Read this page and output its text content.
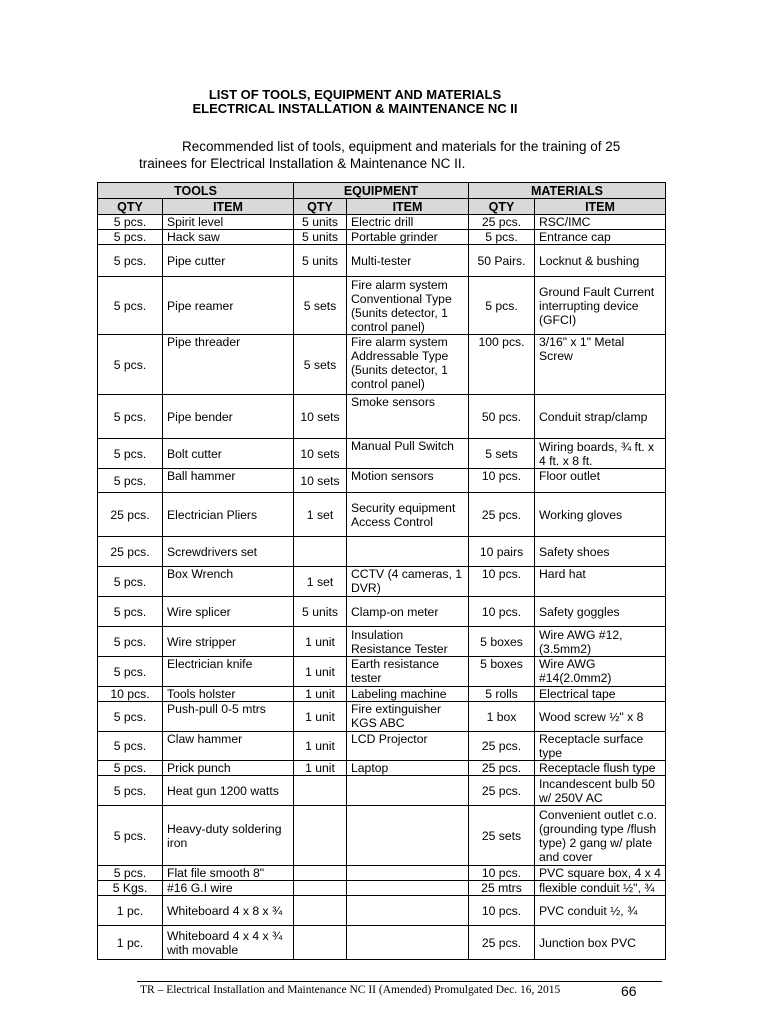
LIST OF TOOLS, EQUIPMENT AND MATERIALS
ELECTRICAL INSTALLATION & MAINTENANCE NC II
Recommended list of tools, equipment and materials for the training of 25
trainees for Electrical Installation & Maintenance NC II.
TOOLS		EQUIPMENT		MATERIALS	
QTY	ITEM	QTY	ITEM	QTY	ITEM
5 pcs.	Spirit level	5 units	Electric drill	25 pcs.	RSC/IMC
5 pcs.	Hack saw	5 units	Portable grinder	5 pcs.	Entrance cap
5 pcs.	Pipe cutter	5 units	Multi-tester	50 Pairs.	Locknut & bushing
5 pcs.	Pipe reamer	5 sets	Fire alarm system Conventional Type (5units detector, 1 control panel)	5 pcs.	Ground Fault Current interrupting device (GFCI)
5 pcs.	Pipe threader	5 sets	Fire alarm system Addressable Type (5units detector, 1 control panel)	100 pcs.	3/16" x 1" Metal Screw
5 pcs.	Pipe bender	10 sets	Smoke sensors	50 pcs.	Conduit strap/clamp
5 pcs.	Bolt cutter	10 sets	Manual Pull Switch	5 sets	Wiring boards, ¾ ft. x 4 ft. x 8 ft.
5 pcs.	Ball hammer	10 sets	Motion sensors	10 pcs.	Floor outlet
25 pcs.	Electrician Pliers	1 set	Security equipment Access Control	25 pcs.	Working gloves
25 pcs.	Screwdrivers set			10 pairs	Safety shoes
5 pcs.	Box Wrench	1 set	CCTV (4 cameras, 1 DVR)	10 pcs.	Hard hat
5 pcs.	Wire splicer	5 units	Clamp-on meter	10 pcs.	Safety goggles
5 pcs.	Wire stripper	1 unit	Insulation Resistance Tester	5 boxes	Wire AWG #12, (3.5mm2)
5 pcs.	Electrician knife	1 unit	Earth resistance tester	5 boxes	Wire AWG #14(2.0mm2)
10 pcs.	Tools holster	1 unit	Labeling machine	5 rolls	Electrical tape
5 pcs.	Push-pull 0-5 mtrs	1 unit	Fire extinguisher KGS ABC	1 box	Wood screw ½" x 8
5 pcs.	Claw hammer	1 unit	LCD Projector	25 pcs.	Receptacle surface type
5 pcs.	Prick punch	1 unit	Laptop	25 pcs.	Receptacle flush type
5 pcs.	Heat gun 1200 watts			25 pcs.	Incandescent bulb 50 w/ 250V AC
5 pcs.	Heavy-duty soldering iron			25 sets	Convenient outlet c.o. (grounding type /flush type) 2 gang w/ plate and cover
5 pcs.	Flat file smooth 8"			10 pcs.	PVC square box, 4 x 4
5 Kgs.	#16 G.I wire			25 mtrs	flexible conduit ½", ¾
1 pc.	Whiteboard 4 x 8 x ¾			10 pcs.	PVC conduit ½, ¾
1 pc.	Whiteboard 4 x 4 x ¾ with movable			25 pcs.	Junction box PVC
TR – Electrical Installation and Maintenance NC II (Amended) Promulgated Dec. 16, 2015	66
